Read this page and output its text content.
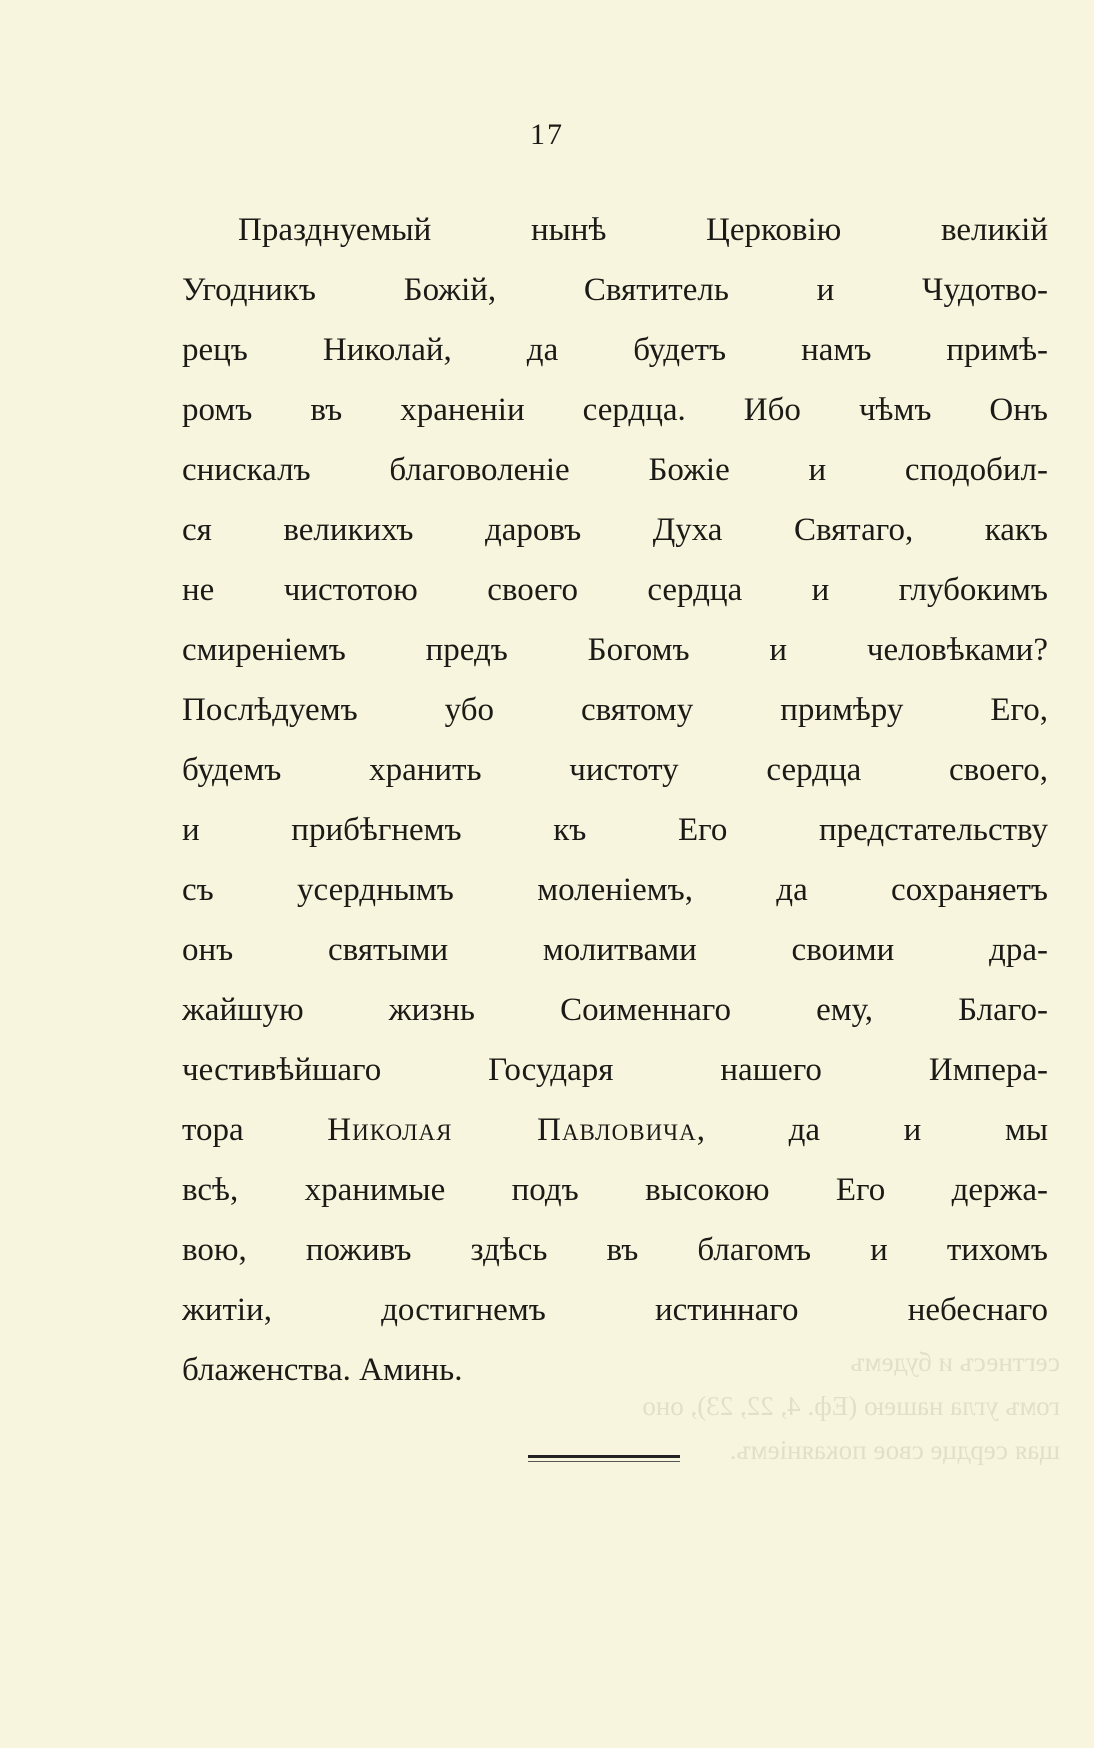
17
Празднуемый нынѣ Церковію великій
Угодникъ Божій, Святитель и Чудотво-
рецъ Николай, да будетъ намъ примѣ-
ромъ въ храненіи сердца. Ибо чѣмъ Онъ
снискалъ благоволеніе Божіе и сподобил-
ся великихъ даровъ Духа Святаго, какъ
не чистотою своего сердца и глубокимъ
смиреніемъ предъ Богомъ и человѣками?
Послѣдуемъ убо святому примѣру Его,
будемъ хранить чистоту сердца своего,
и прибѣгнемъ къ Его предстательству
съ усерднымъ моленіемъ, да сохраняетъ
онъ святыми молитвами своими дра-
жайшую жизнь Соименнаго ему, Благо-
честивѣйшаго Государя нашего Импера-
тора Николая Павловича, да и мы
всѣ, хранимые подъ высокою Его держа-
вою, поживъ здѣсь въ благомъ и тихомъ
житіи, достигнемъ истиннаго небеснаго
блаженства. Аминь.	сегтнесъ и будемъ
гомъ угла нашею (Еф. 4, 22, 23), оно
щая сердце свое покаяніемъ.
